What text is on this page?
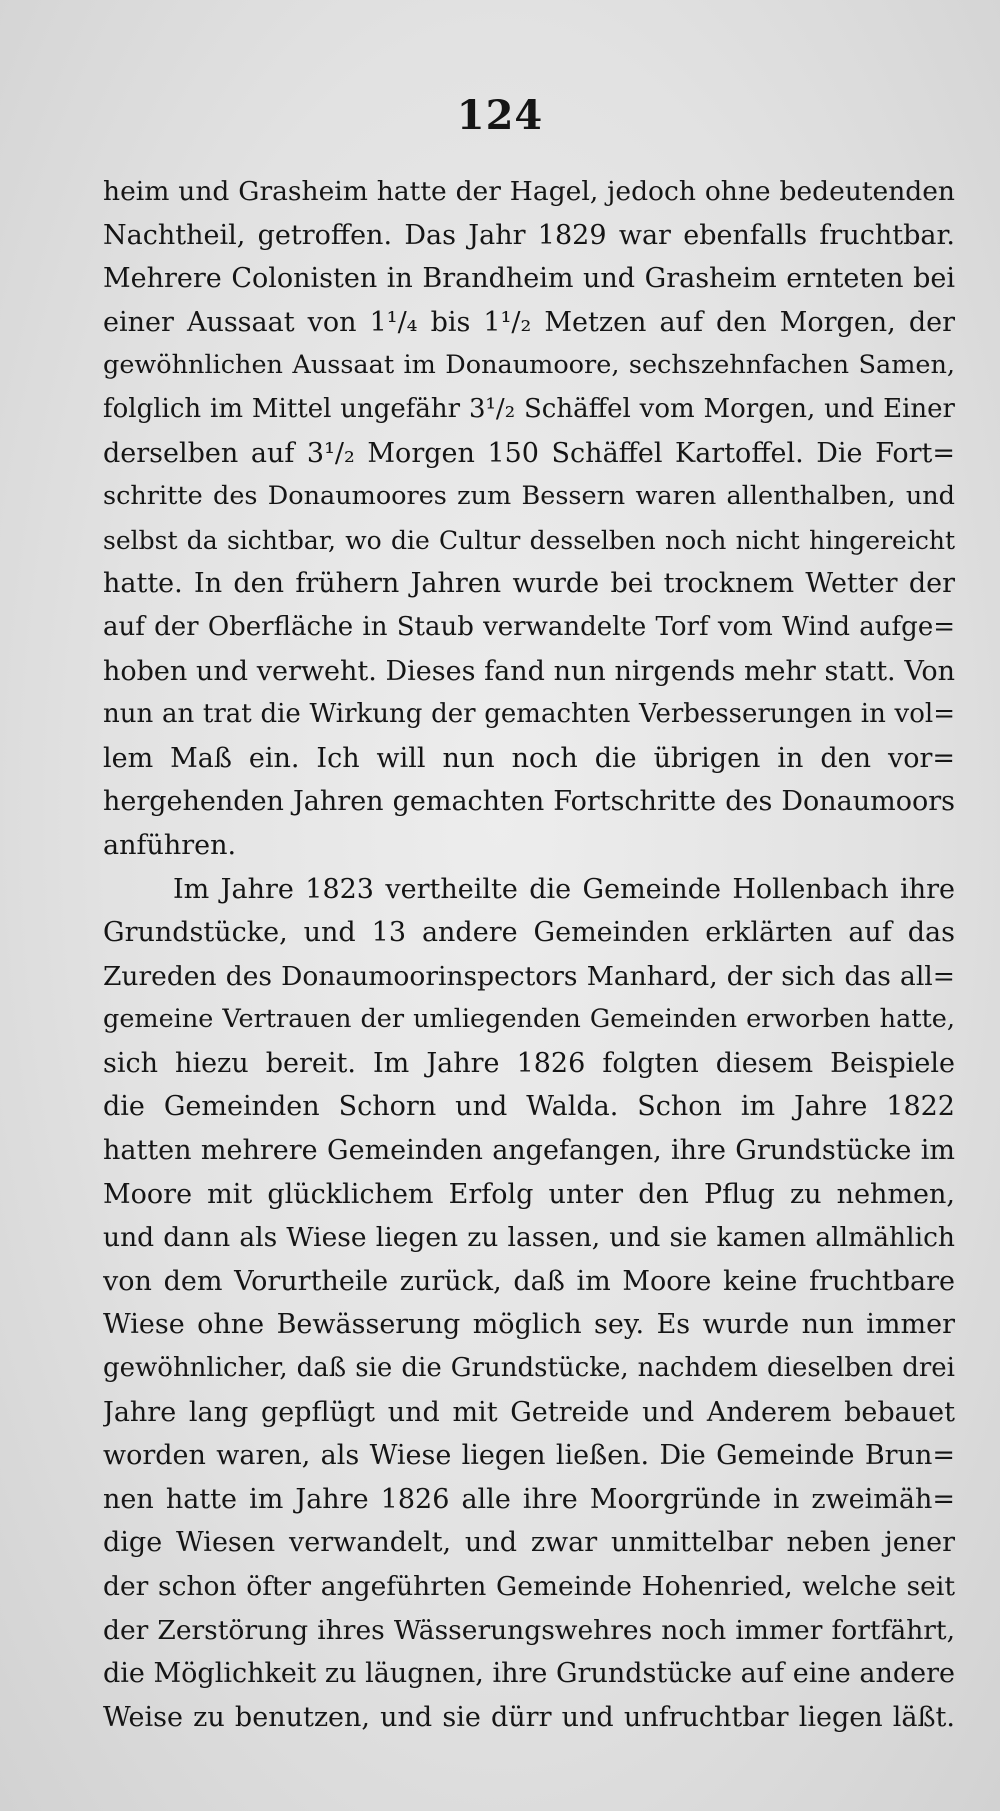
124
heim und Grasheim hatte der Hagel, jedoch ohne bedeutenden
Nachtheil, getroffen. Das Jahr 1829 war ebenfalls fruchtbar.
Mehrere Colonisten in Brandheim und Grasheim ernteten bei
einer Aussaat von 1¹/₄ bis 1¹/₂ Metzen auf den Morgen, der
gewöhnlichen Aussaat im Donaumoore, sechszehnfachen Samen,
folglich im Mittel ungefähr 3¹/₂ Schäffel vom Morgen, und Einer
derselben auf 3¹/₂ Morgen 150 Schäffel Kartoffel. Die Fort=
schritte des Donaumoores zum Bessern waren allenthalben, und
selbst da sichtbar, wo die Cultur desselben noch nicht hingereicht
hatte. In den frühern Jahren wurde bei trocknem Wetter der
auf der Oberfläche in Staub verwandelte Torf vom Wind aufge=
hoben und verweht. Dieses fand nun nirgends mehr statt. Von
nun an trat die Wirkung der gemachten Verbesserungen in vol=
lem Maß ein. Ich will nun noch die übrigen in den vor=
hergehenden Jahren gemachten Fortschritte des Donaumoors
anführen.
Im Jahre 1823 vertheilte die Gemeinde Hollenbach ihre
Grundstücke, und 13 andere Gemeinden erklärten auf das
Zureden des Donaumoorinspectors Manhard, der sich das all=
gemeine Vertrauen der umliegenden Gemeinden erworben hatte,
sich hiezu bereit. Im Jahre 1826 folgten diesem Beispiele
die Gemeinden Schorn und Walda. Schon im Jahre 1822
hatten mehrere Gemeinden angefangen, ihre Grundstücke im
Moore mit glücklichem Erfolg unter den Pflug zu nehmen,
und dann als Wiese liegen zu lassen, und sie kamen allmählich
von dem Vorurtheile zurück, daß im Moore keine fruchtbare
Wiese ohne Bewässerung möglich sey. Es wurde nun immer
gewöhnlicher, daß sie die Grundstücke, nachdem dieselben drei
Jahre lang gepflügt und mit Getreide und Anderem bebauet
worden waren, als Wiese liegen ließen. Die Gemeinde Brun=
nen hatte im Jahre 1826 alle ihre Moorgründe in zweimäh=
dige Wiesen verwandelt, und zwar unmittelbar neben jener
der schon öfter angeführten Gemeinde Hohenried, welche seit
der Zerstörung ihres Wässerungswehres noch immer fortfährt,
die Möglichkeit zu läugnen, ihre Grundstücke auf eine andere
Weise zu benutzen, und sie dürr und unfruchtbar liegen läßt.
